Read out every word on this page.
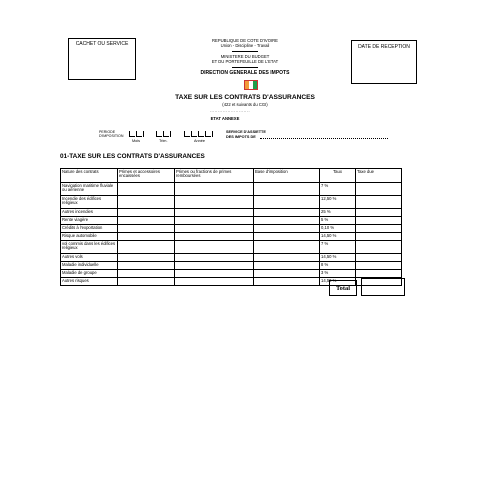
CACHET OU SERVICE
REPUBLIQUE DE COTE D'IVOIRE
Union - Discipline - Travail
MINISTERE DU BUDGET
ET DU PORTEFEUILLE DE L'ETAT
DIRECTION GENERALE DES IMPOTS
DATE DE RECEPTION
TAXE SUR LES CONTRATS D'ASSURANCES
(422 et suivants du CGI)
.........................
ETAT ANNEXE
PERIODE
D'IMPOSITION
Mois	Trim.	Année
SERVICE D'ASSIETTE
DES IMPOTS DE
01-TAXE SUR LES CONTRATS D'ASSURANCES
Nature des contrats	Primes et accessoires encaissées	Primes ou fractions de primes remboursées	Base d'imposition	Taux	Taxe due
Navigation maritime fluviale ou aérienne				7 %	
Incendie des édifices religieux				12,50 %	
Autres incendies				25 %	
Rente viagère				5 %	
Crédits à l'exportation				0,10 %	
Risque automobile				14,50 %	
vol commis dans les édifices religieux				7 %	
Autres vols				14,50 %	
Maladie individuelle				8 %	
Maladie de groupe				3 %	
Autres risques				14,50 %	
Total
